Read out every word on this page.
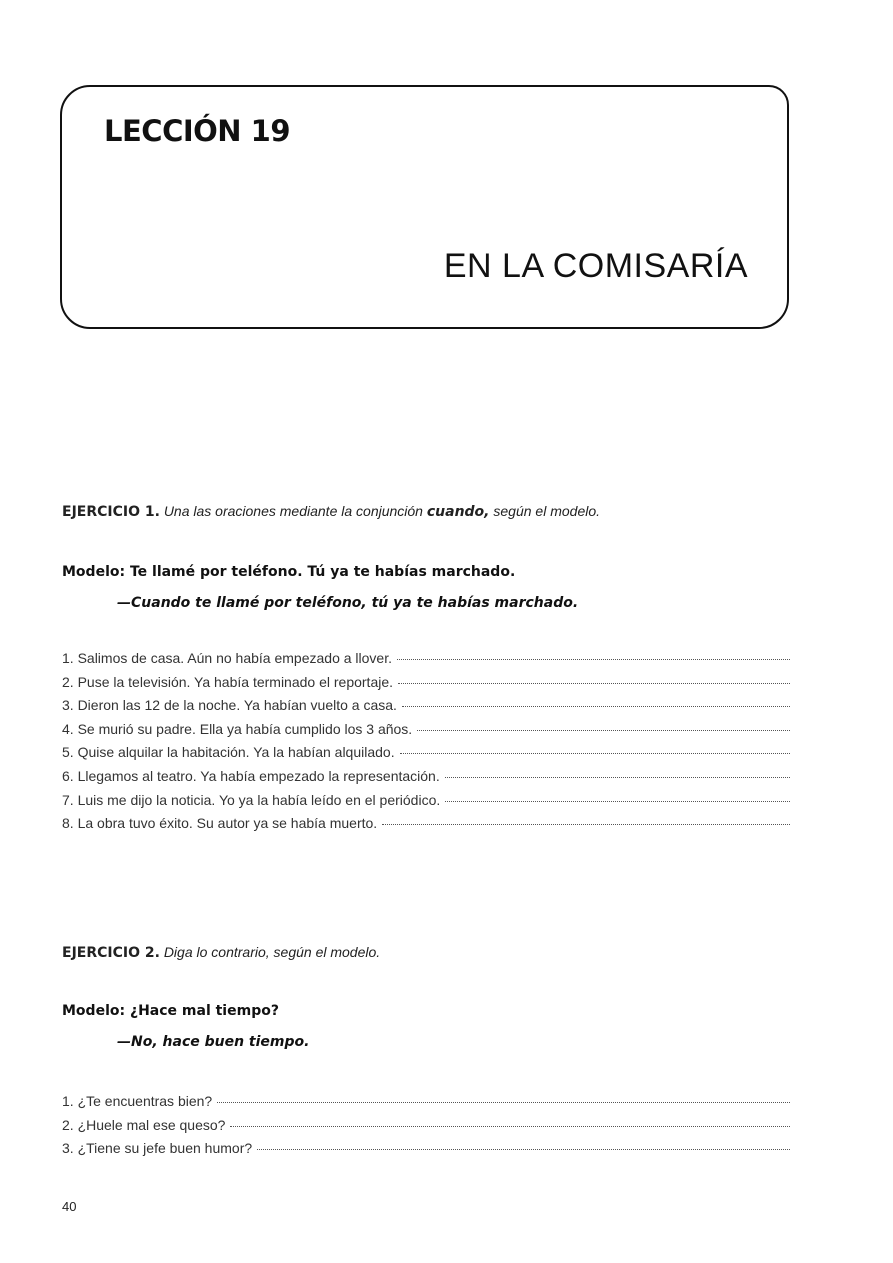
LECCIÓN 19
EN LA COMISARÍA
EJERCICIO 1. Una las oraciones mediante la conjunción cuando, según el modelo.
Modelo: Te llamé por teléfono. Tú ya te habías marchado.
—Cuando te llamé por teléfono, tú ya te habías marchado.
1. Salimos de casa. Aún no había empezado a llover.
2. Puse la televisión. Ya había terminado el reportaje.
3. Dieron las 12 de la noche. Ya habían vuelto a casa.
4. Se murió su padre. Ella ya había cumplido los 3 años.
5. Quise alquilar la habitación. Ya la habían alquilado.
6. Llegamos al teatro. Ya había empezado la representación.
7. Luis me dijo la noticia. Yo ya la había leído en el periódico.
8. La obra tuvo éxito. Su autor ya se había muerto.
EJERCICIO 2. Diga lo contrario, según el modelo.
Modelo: ¿Hace mal tiempo?
—No, hace buen tiempo.
1. ¿Te encuentras bien?
2. ¿Huele mal ese queso?
3. ¿Tiene su jefe buen humor?
40
